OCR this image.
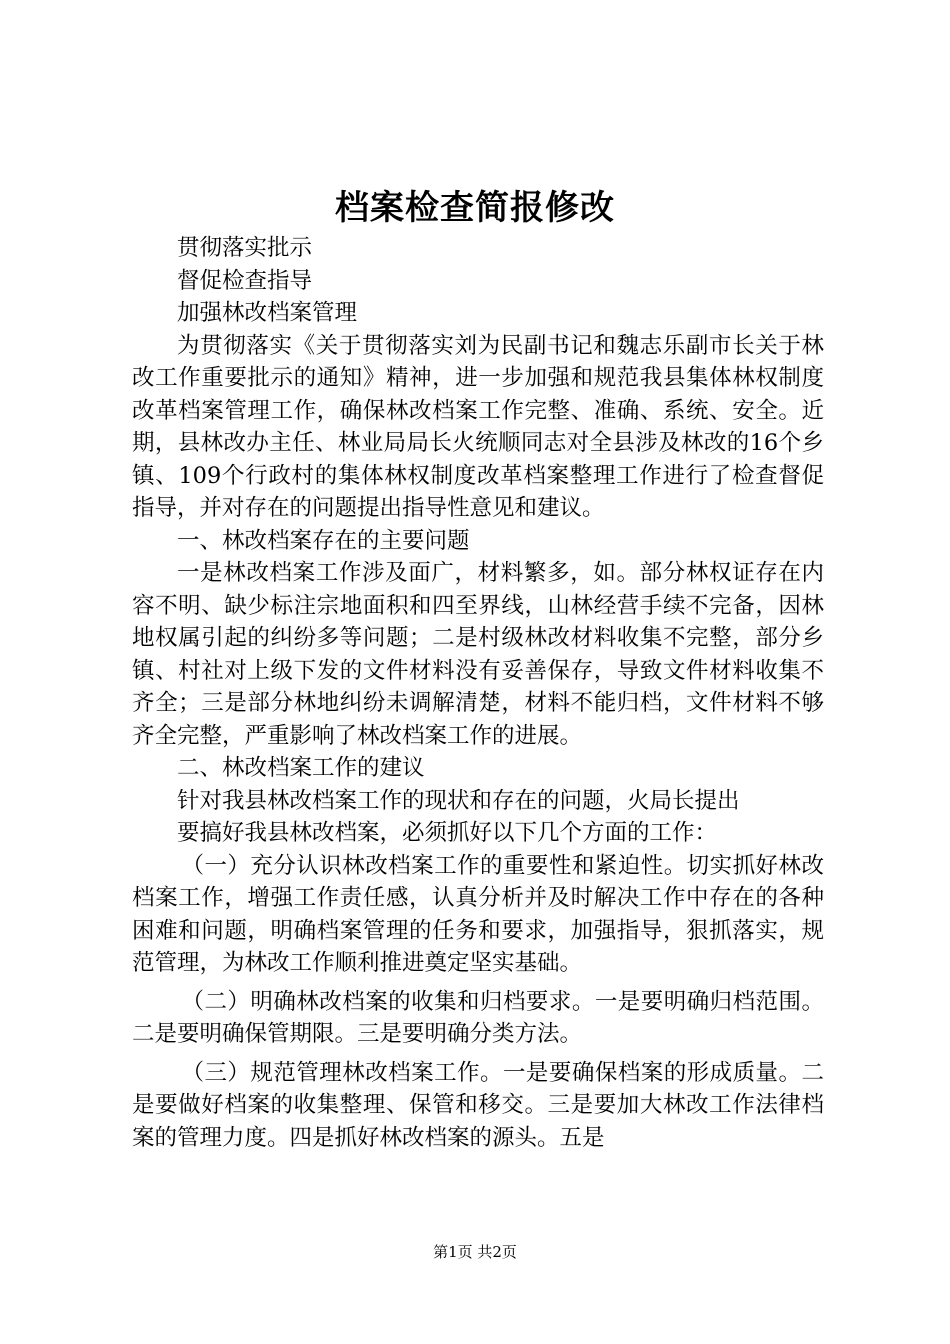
档案检查简报修改

贯彻落实批示

督促检查指导

加强林改档案管理

为贯彻落实《关于贯彻落实刘为民副书记和魏志乐副市长关于林改工作重要批示的通知》精神，进一步加强和规范我县集体林权制度改革档案管理工作，确保林改档案工作完整、准确、系统、安全。近期，县林改办主任、林业局局长火统顺同志对全县涉及林改的16个乡镇、109个行政村的集体林权制度改革档案整理工作进行了检查督促指导，并对存在的问题提出指导性意见和建议。

一、林改档案存在的主要问题

一是林改档案工作涉及面广，材料繁多，如。部分林权证存在内容不明、缺少标注宗地面积和四至界线，山林经营手续不完备，因林地权属引起的纠纷多等问题；二是村级林改材料收集不完整，部分乡镇、村社对上级下发的文件材料没有妥善保存，导致文件材料收集不齐全；三是部分林地纠纷未调解清楚，材料不能归档，文件材料不够齐全完整，严重影响了林改档案工作的进展。

二、林改档案工作的建议

针对我县林改档案工作的现状和存在的问题，火局长提出

要搞好我县林改档案，必须抓好以下几个方面的工作：

（一）充分认识林改档案工作的重要性和紧迫性。切实抓好林改档案工作，增强工作责任感，认真分析并及时解决工作中存在的各种困难和问题，明确档案管理的任务和要求，加强指导，狠抓落实，规范管理，为林改工作顺利推进奠定坚实基础。

（二）明确林改档案的收集和归档要求。一是要明确归档范围。二是要明确保管期限。三是要明确分类方法。

（三）规范管理林改档案工作。一是要确保档案的形成质量。二是要做好档案的收集整理、保管和移交。三是要加大林改工作法律档案的管理力度。四是抓好林改档案的源头。五是

第1页 共2页
